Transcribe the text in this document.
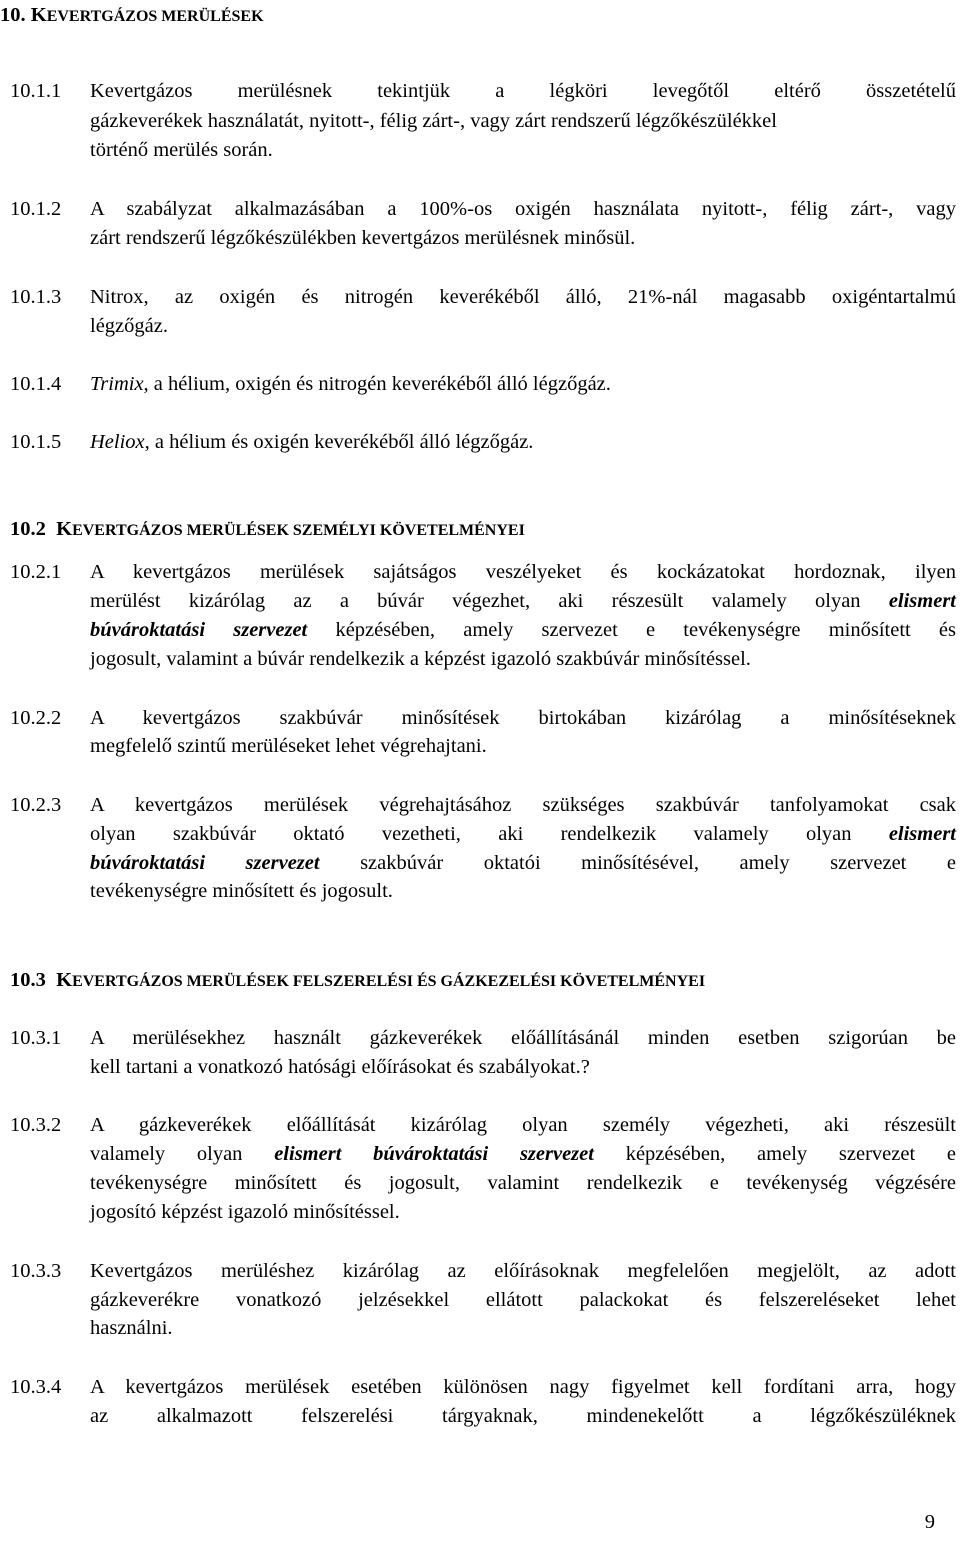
10. KEVERTGÁZOS MERÜLÉSEK
10.1.1 Kevertgázos merülésnek tekintjük a légköri levegőtől eltérő összetételű
gázkeverékek használatát, nyitott-, félig zárt-, vagy zárt rendszerű légzőkészülékkel
történő merülés során.
10.1.2 A szabályzat alkalmazásában a 100%-os oxigén használata nyitott-, félig zárt-, vagy
zárt rendszerű légzőkészülékben kevertgázos merülésnek minősül.
10.1.3 Nitrox, az oxigén és nitrogén keverékéből álló, 21%-nál magasabb oxigéntartalmú
légzőgáz.
10.1.4 Trimix, a hélium, oxigén és nitrogén keverékéből álló légzőgáz.
10.1.5 Heliox, a hélium és oxigén keverékéből álló légzőgáz.
10.2 KEVERTGÁZOS MERÜLÉSEK SZEMÉLYI KÖVETELMÉNYEI
10.2.1 A kevertgázos merülések sajátságos veszélyeket és kockázatokat hordoznak, ilyen
merülést kizárólag az a búvár végezhet, aki részesült valamely olyan elismert
búvároktatási szervezet képzésében, amely szervezet e tevékenységre minősített és
jogosult, valamint a búvár rendelkezik a képzést igazoló szakbúvár minősítéssel.
10.2.2 A kevertgázos szakbúvár minősítések birtokában kizárólag a minősítéseknek
megfelelő szintű merüléseket lehet végrehajtani.
10.2.3 A kevertgázos merülések végrehajtásához szükséges szakbúvár tanfolyamokat csak
olyan szakbúvár oktató vezetheti, aki rendelkezik valamely olyan elismert
búvároktatási szervezet szakbúvár oktatói minősítésével, amely szervezet e
tevékenységre minősített és jogosult.
10.3 KEVERTGÁZOS MERÜLÉSEK FELSZERELÉSI ÉS GÁZKEZELÉSI KÖVETELMÉNYEI
10.3.1 A merülésekhez használt gázkeverékek előállításánál minden esetben szigorúan be
kell tartani a vonatkozó hatósági előírásokat és szabályokat.?
10.3.2 A gázkeverékek előállítását kizárólag olyan személy végezheti, aki részesült
valamely olyan elismert búvároktatási szervezet képzésében, amely szervezet e
tevékenységre minősített és jogosult, valamint rendelkezik e tevékenység végzésére
jogosító képzést igazoló minősítéssel.
10.3.3 Kevertgázos merüléshez kizárólag az előírásoknak megfelelően megjelölt, az adott
gázkeverékre vonatkozó jelzésekkel ellátott palackokat és felszereléseket lehet
használni.
10.3.4 A kevertgázos merülések esetében különösen nagy figyelmet kell fordítani arra, hogy
az alkalmazott felszerelési tárgyaknak, mindenekelőtt a légzőkészüléknek
9
